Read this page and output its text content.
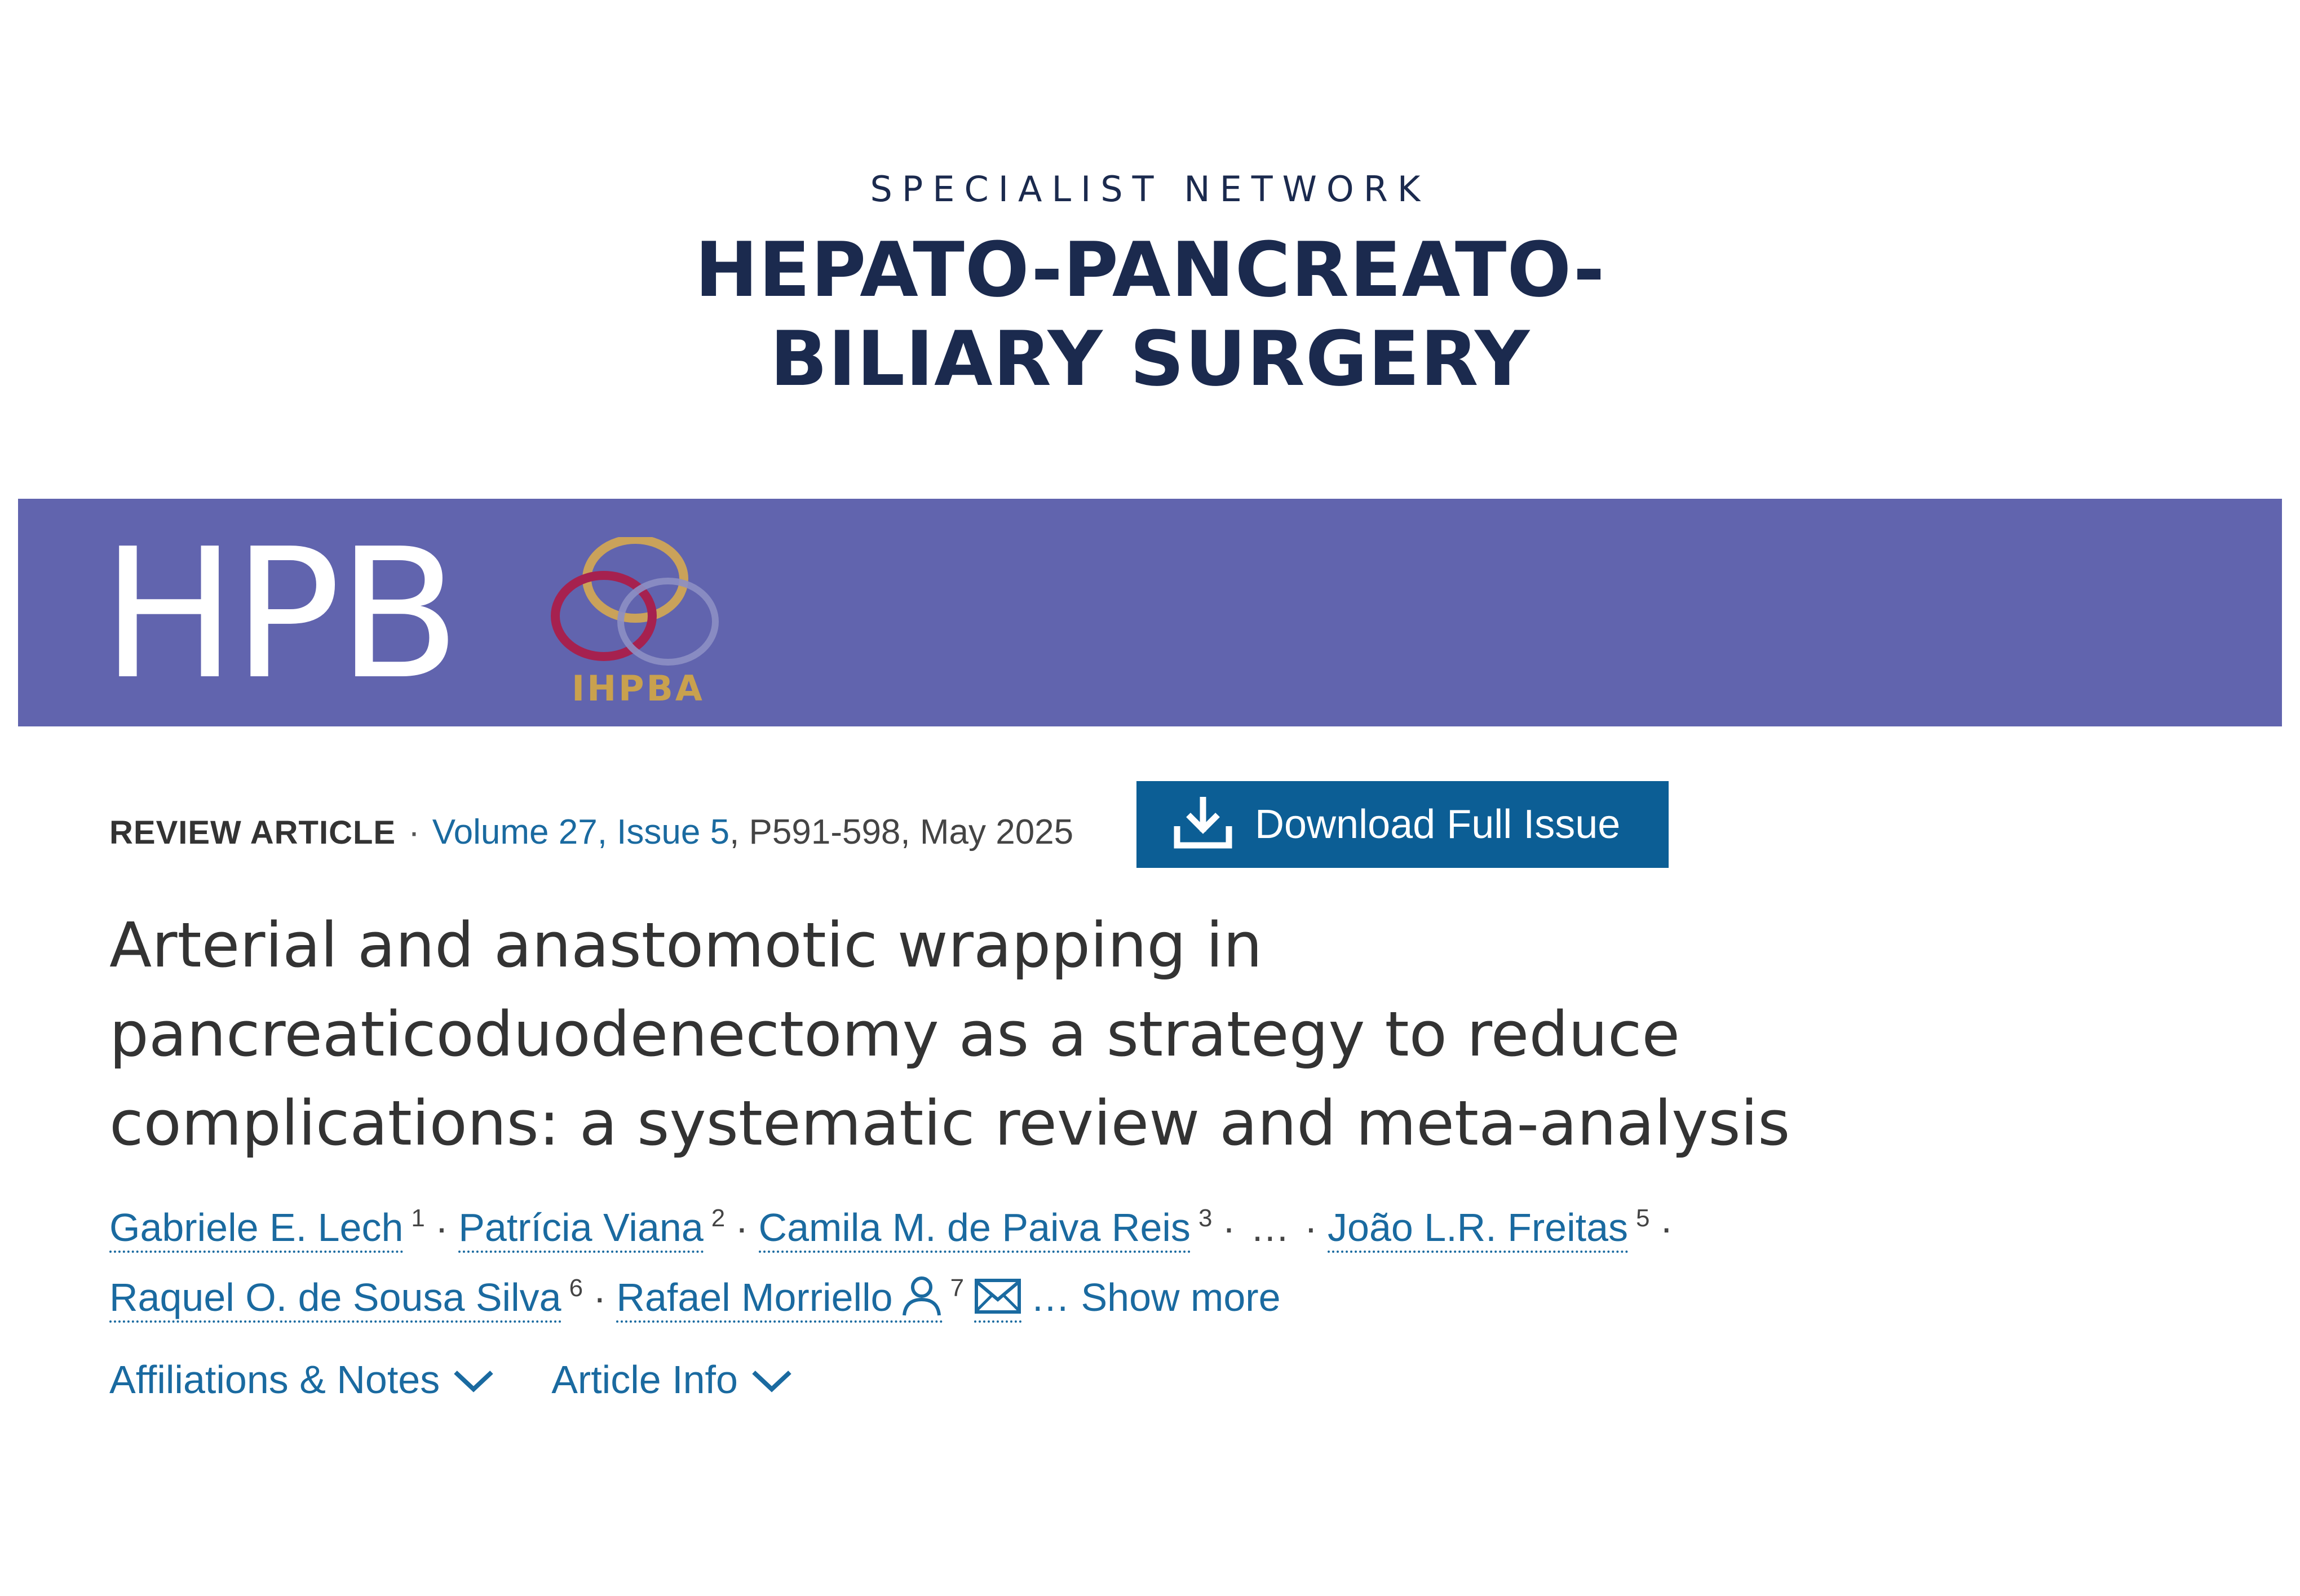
SPECIALIST NETWORK
HEPATO-PANCREATO-
BILIARY SURGERY
HPB	IHPBA
REVIEW ARTICLE · Volume 27, Issue 5, P591-598, May 2025	Download Full Issue
Arterial and anastomotic wrapping in
pancreaticoduodenectomy as a strategy to reduce
complications: a systematic review and meta-analysis
Gabriele E. Lech $^1$ · Patrícia Viana $^2$ · Camila M. de Paiva Reis $^3$ · … · João L.R. Freitas $^5$ ·
Raquel O. de Sousa Silva $^6$ · Rafael Morriello $^7$ … Show more
Affiliations & Notes	Article Info
